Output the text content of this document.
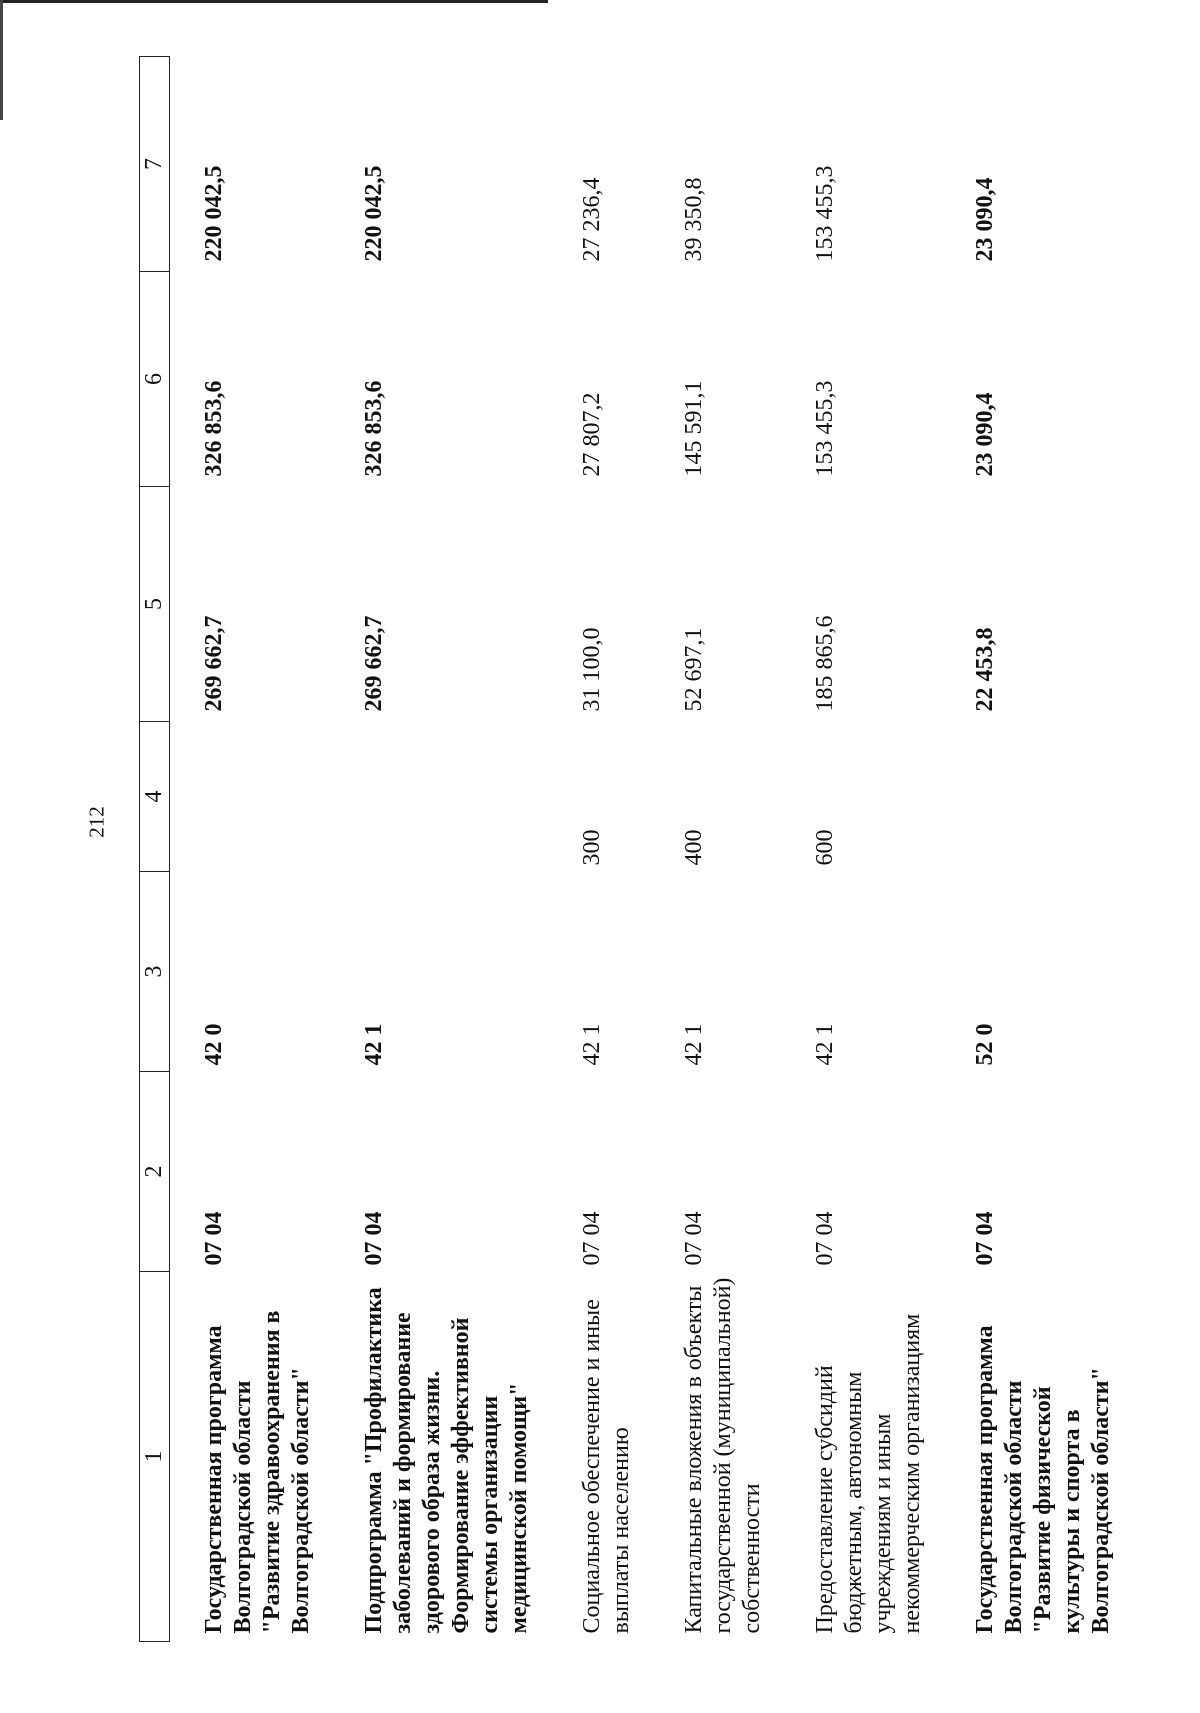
212
1	2	3	4	5	6	7
Государственная программа Волгоградской области "Развитие здравоохранения в Волгоградской области"	07 04	42 0		269 662,7	326 853,6	220 042,5
Подпрограмма "Профилактика заболеваний и формирование здорового образа жизни. Формирование эффективной системы организации медицинской помощи"	07 04	42 1		269 662,7	326 853,6	220 042,5
Социальное обеспечение и иные выплаты населению	07 04	42 1	300	31 100,0	27 807,2	27 236,4
Капитальные вложения в объекты государственной (муниципальной) собственности	07 04	42 1	400	52 697,1	145 591,1	39 350,8
Предоставление субсидий бюджетным, автономным учреждениям и иным некоммерческим организациям	07 04	42 1	600	185 865,6	153 455,3	153 455,3
Государственная программа Волгоградской области "Развитие физической культуры и спорта в Волгоградской области"	07 04	52 0		22 453,8	23 090,4	23 090,4
